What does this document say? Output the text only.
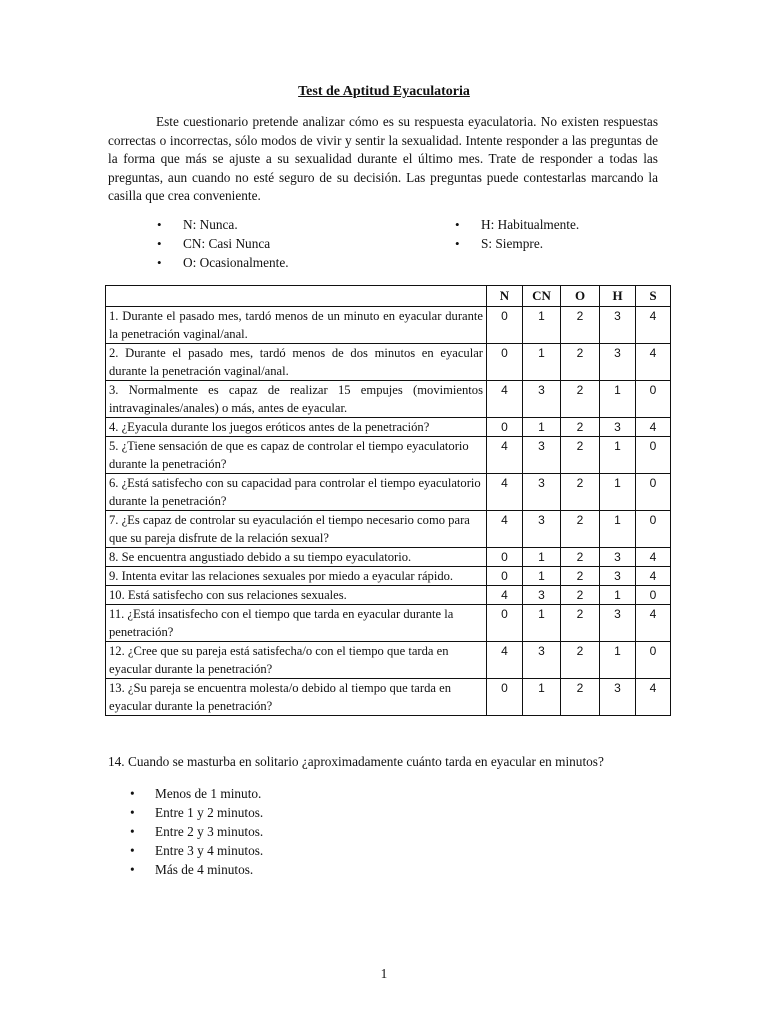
Test de Aptitud Eyaculatoria

Este cuestionario pretende analizar cómo es su respuesta eyaculatoria. No existen respuestas correctas o incorrectas, sólo modos de vivir y sentir la sexualidad. Intente responder a las preguntas de la forma que más se ajuste a su sexualidad durante el último mes. Trate de responder a todas las preguntas, aun cuando no esté seguro de su decisión. Las preguntas puede contestarlas marcando la casilla que crea conveniente.

• N: Nunca.
• CN: Casi Nunca
• O: Ocasionalmente.
• H: Habitualmente.
• S: Siempre.
	N	CN	O	H	S
1. Durante el pasado mes, tardó menos de un minuto en eyacular durante la penetración vaginal/anal.	0	1	2	3	4
2. Durante el pasado mes, tardó menos de dos minutos en eyacular durante la penetración vaginal/anal.	0	1	2	3	4
3. Normalmente es capaz de realizar 15 empujes (movimientos intravaginales/anales) o más, antes de eyacular.	4	3	2	1	0
4. ¿Eyacula durante los juegos eróticos antes de la penetración?	0	1	2	3	4
5. ¿Tiene sensación de que es capaz de controlar el tiempo eyaculatorio durante la penetración?	4	3	2	1	0
6. ¿Está satisfecho con su capacidad para controlar el tiempo eyaculatorio durante la penetración?	4	3	2	1	0
7. ¿Es capaz de controlar su eyaculación el tiempo necesario como para que su pareja disfrute de la relación sexual?	4	3	2	1	0
8. Se encuentra angustiado debido a su tiempo eyaculatorio.	0	1	2	3	4
9. Intenta evitar las relaciones sexuales por miedo a eyacular rápido.	0	1	2	3	4
10. Está satisfecho con sus relaciones sexuales.	4	3	2	1	0
11. ¿Está insatisfecho con el tiempo que tarda en eyacular durante la penetración?	0	1	2	3	4
12. ¿Cree que su pareja está satisfecha/o con el tiempo que tarda en eyacular durante la penetración?	4	3	2	1	0
13. ¿Su pareja se encuentra molesta/o debido al tiempo que tarda en eyacular durante la penetración?	0	1	2	3	4
14. Cuando se masturba en solitario ¿aproximadamente cuánto tarda en eyacular en minutos?
• Menos de 1 minuto.
• Entre 1 y 2 minutos.
• Entre 2 y 3 minutos.
• Entre 3 y 4 minutos.
• Más de 4 minutos.
1
